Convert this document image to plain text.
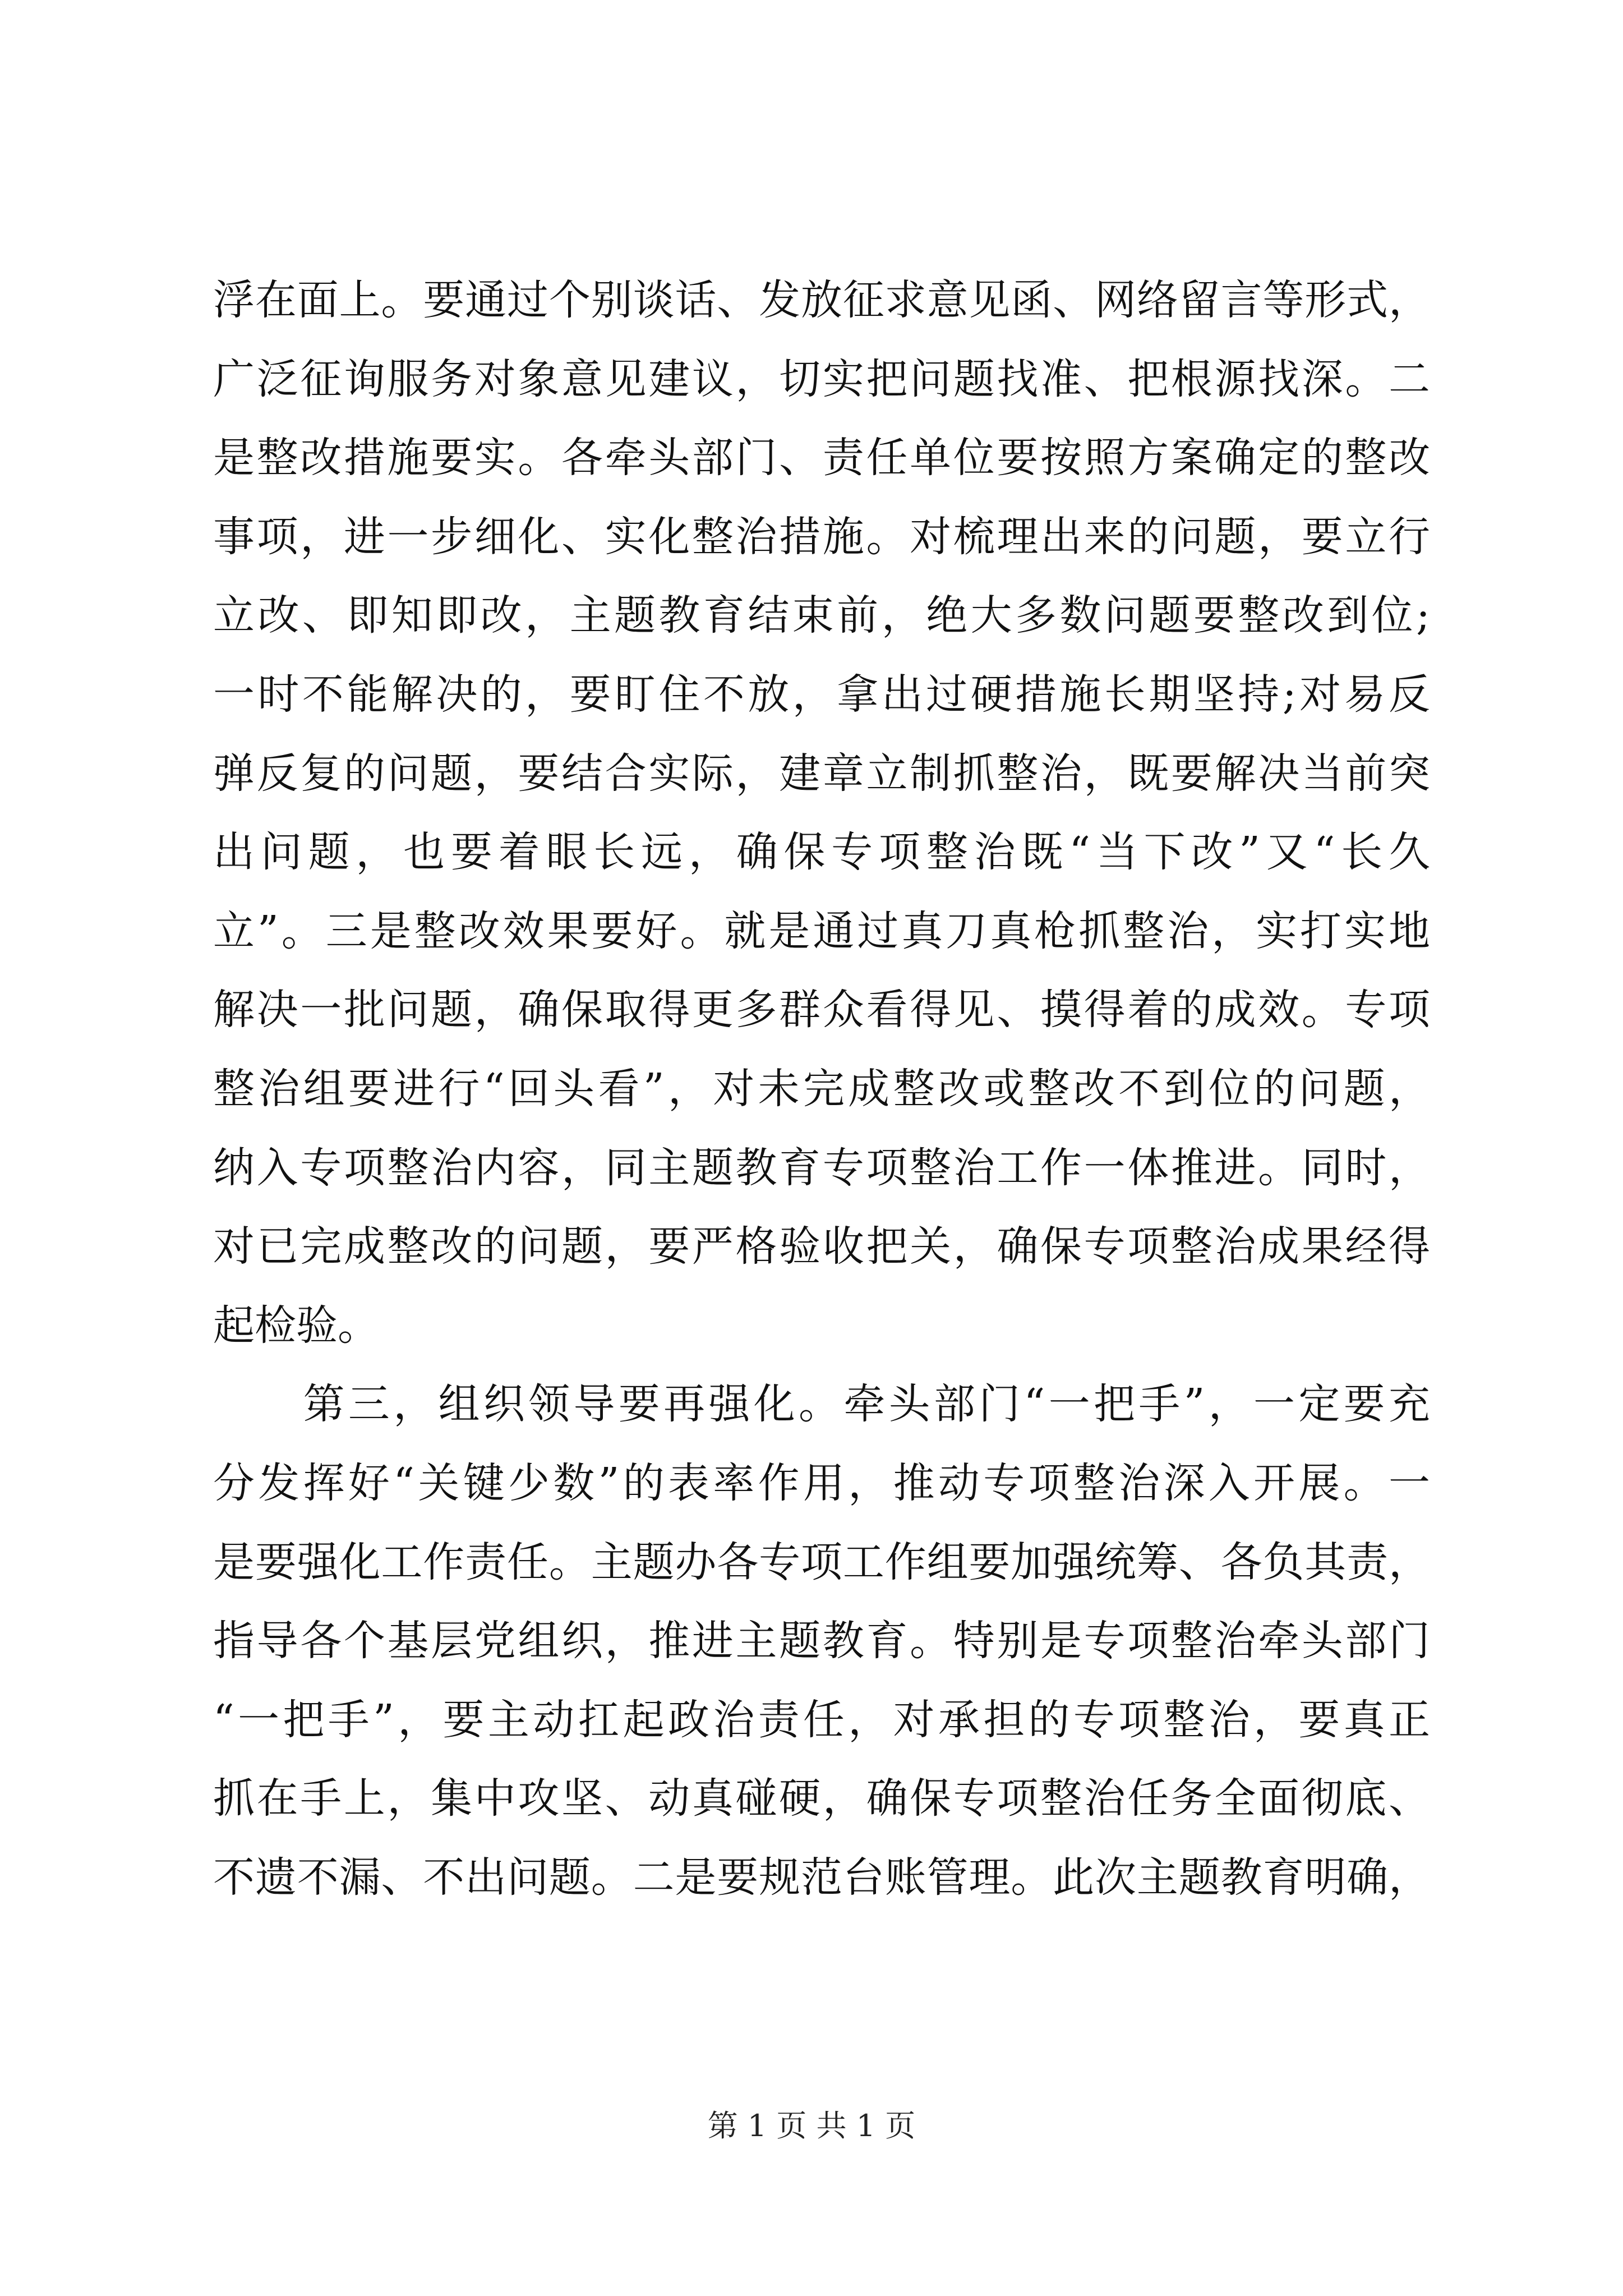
浮在面上。要通过个别谈话、发放征求意见函、网络留言等形式，
广泛征询服务对象意见建议，切实把问题找准、把根源找深。二
是整改措施要实。各牵头部门、责任单位要按照方案确定的整改
事项，进一步细化、实化整治措施。对梳理出来的问题，要立行
立改、即知即改，主题教育结束前，绝大多数问题要整改到位;
一时不能解决的，要盯住不放，拿出过硬措施长期坚持;对易反
弹反复的问题，要结合实际，建章立制抓整治，既要解决当前突
出问题，也要着眼长远，确保专项整治既“当下改”又“长久
立”。三是整改效果要好。就是通过真刀真枪抓整治，实打实地
解决一批问题，确保取得更多群众看得见、摸得着的成效。专项
整治组要进行“回头看”，对未完成整改或整改不到位的问题，
纳入专项整治内容，同主题教育专项整治工作一体推进。同时，
对已完成整改的问题，要严格验收把关，确保专项整治成果经得
起检验。
　　第三，组织领导要再强化。牵头部门“一把手”，一定要充
分发挥好“关键少数”的表率作用，推动专项整治深入开展。一
是要强化工作责任。主题办各专项工作组要加强统筹、各负其责，
指导各个基层党组织，推进主题教育。特别是专项整治牵头部门
“一把手”，要主动扛起政治责任，对承担的专项整治，要真正
抓在手上，集中攻坚、动真碰硬，确保专项整治任务全面彻底、
不遗不漏、不出问题。二是要规范台账管理。此次主题教育明确，
第 1 页 共 1 页
